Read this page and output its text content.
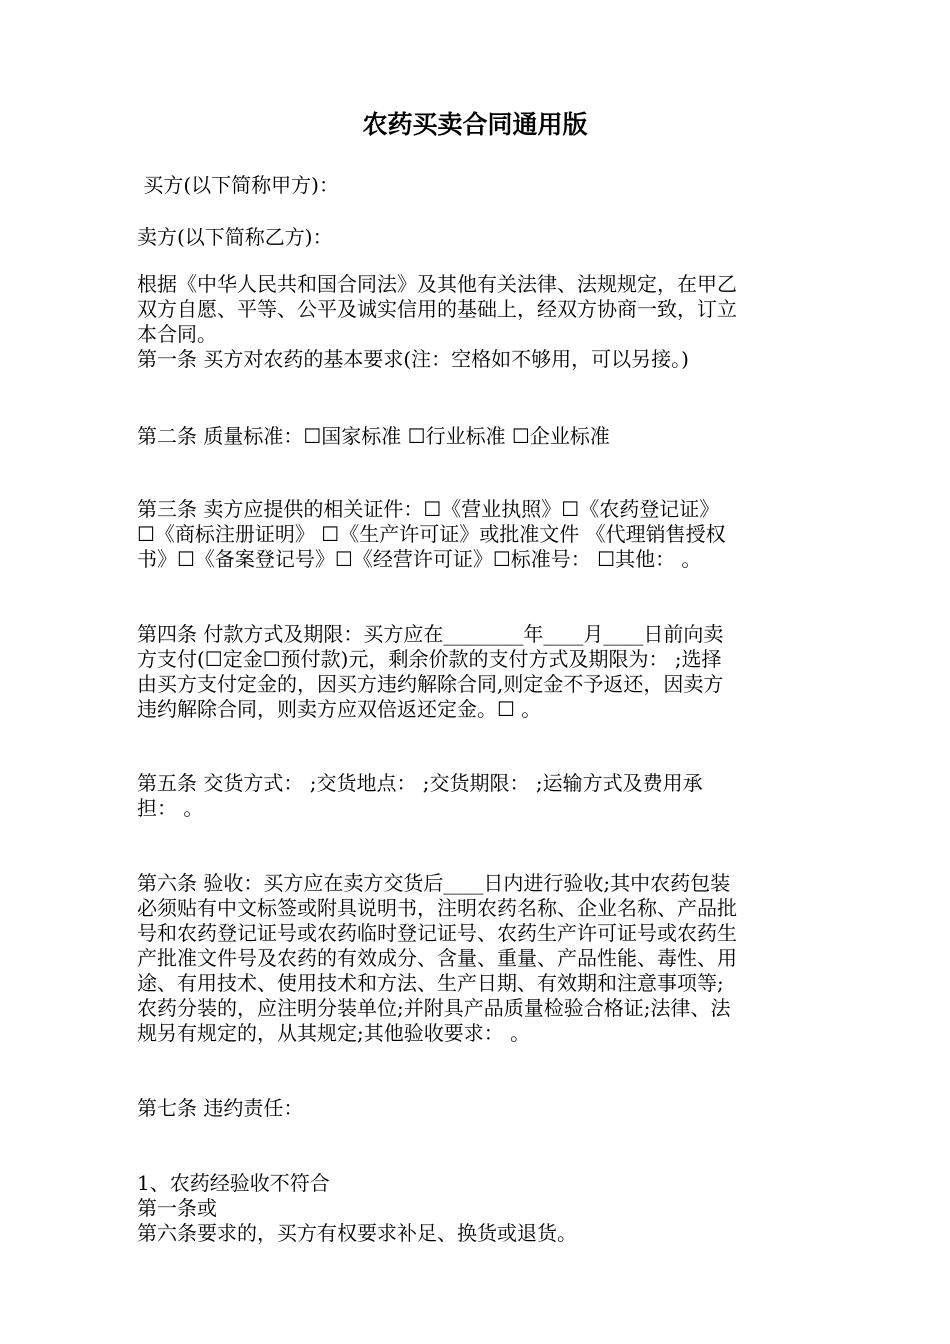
农药买卖合同通用版

买方(以下简称甲方)：

卖方(以下简称乙方)：

根据《中华人民共和国合同法》及其他有关法律、法规规定，在甲乙
双方自愿、平等、公平及诚实信用的基础上，经双方协商一致，订立
本合同。

第一条 买方对农药的基本要求(注：空格如不够用，可以另接。)

第二条 质量标准：☐国家标准 ☐行业标准 ☐企业标准

第三条 卖方应提供的相关证件：☐《营业执照》☐《农药登记证》
☐《商标注册证明》 ☐《生产许可证》或批准文件 《代理销售授权
书》☐《备案登记号》☐《经营许可证》☐标准号： ☐其他： 。

第四条 付款方式及期限：买方应在________年____月____日前向卖
方支付(☐定金☐预付款)元，剩余价款的支付方式及期限为： ;选择
由买方支付定金的，因买方违约解除合同,则定金不予返还，因卖方
违约解除合同，则卖方应双倍返还定金。☐ 。

第五条 交货方式： ;交货地点： ;交货期限： ;运输方式及费用承
担： 。

第六条 验收：买方应在卖方交货后____日内进行验收;其中农药包装
必须贴有中文标签或附具说明书，注明农药名称、企业名称、产品批
号和农药登记证号或农药临时登记证号、农药生产许可证号或农药生
产批准文件号及农药的有效成分、含量、重量、产品性能、毒性、用
途、有用技术、使用技术和方法、生产日期、有效期和注意事项等;
农药分装的，应注明分装单位;并附具产品质量检验合格证;法律、法
规另有规定的，从其规定;其他验收要求： 。

第七条 违约责任：

1、农药经验收不符合
第一条或
第六条要求的，买方有权要求补足、换货或退货。
